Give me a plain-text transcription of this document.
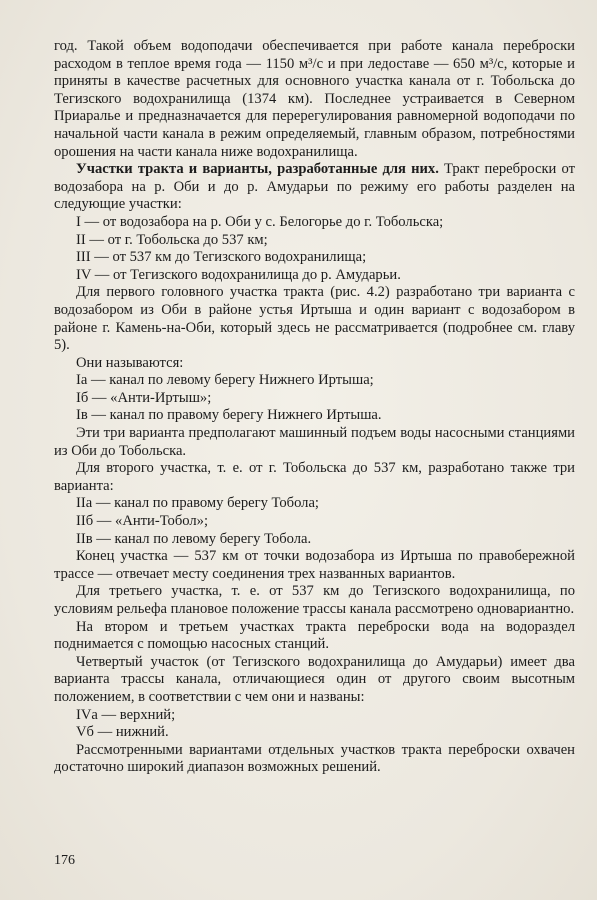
год. Такой объем водоподачи обеспечивается при работе канала переброски расходом в теплое время года — 1150 м³/с и при ледоставе — 650 м³/с, которые и приняты в качестве расчетных для основного участка канала от г. Тобольска до Тегизского водохранилища (1374 км). Последнее устраивается в Северном Приаралье и предназначается для перерегулирования равномерной водоподачи по начальной части канала в режим определяемый, главным образом, потребностями орошения на части канала ниже водохранилища.

Участки тракта и варианты, разработанные для них. Тракт переброски от водозабора на р. Оби и до р. Амударьи по режиму его работы разделен на следующие участки:

I — от водозабора на р. Оби у с. Белогорье до г. Тобольска;

II — от г. Тобольска до 537 км;

III — от 537 км до Тегизского водохранилища;

IV — от Тегизского водохранилища до р. Амударьи.

Для первого головного участка тракта (рис. 4.2) разработано три варианта с водозабором из Оби в районе устья Иртыша и один вариант с водозабором в районе г. Камень-на-Оби, который здесь не рассматривается (подробнее см. главу 5).

Они называются:

Iа — канал по левому берегу Нижнего Иртыша;

Iб — «Анти-Иртыш»;

Iв — канал по правому берегу Нижнего Иртыша.

Эти три варианта предполагают машинный подъем воды насосными станциями из Оби до Тобольска.

Для второго участка, т. е. от г. Тобольска до 537 км, разработано также три варианта:

IIа — канал по правому берегу Тобола;

IIб — «Анти-Тобол»;

IIв — канал по левому берегу Тобола.

Конец участка — 537 км от точки водозабора из Иртыша по правобережной трассе — отвечает месту соединения трех названных вариантов.

Для третьего участка, т. е. от 537 км до Тегизского водохранилища, по условиям рельефа плановое положение трассы канала рассмотрено одновариантно.

На втором и третьем участках тракта переброски вода на водораздел поднимается с помощью насосных станций.

Четвертый участок (от Тегизского водохранилища до Амударьи) имеет два варианта трассы канала, отличающиеся один от другого своим высотным положением, в соответствии с чем они и названы:

IVа — верхний;

Vб — нижний.

Рассмотренными вариантами отдельных участков тракта переброски охвачен достаточно широкий диапазон возможных решений.

176
